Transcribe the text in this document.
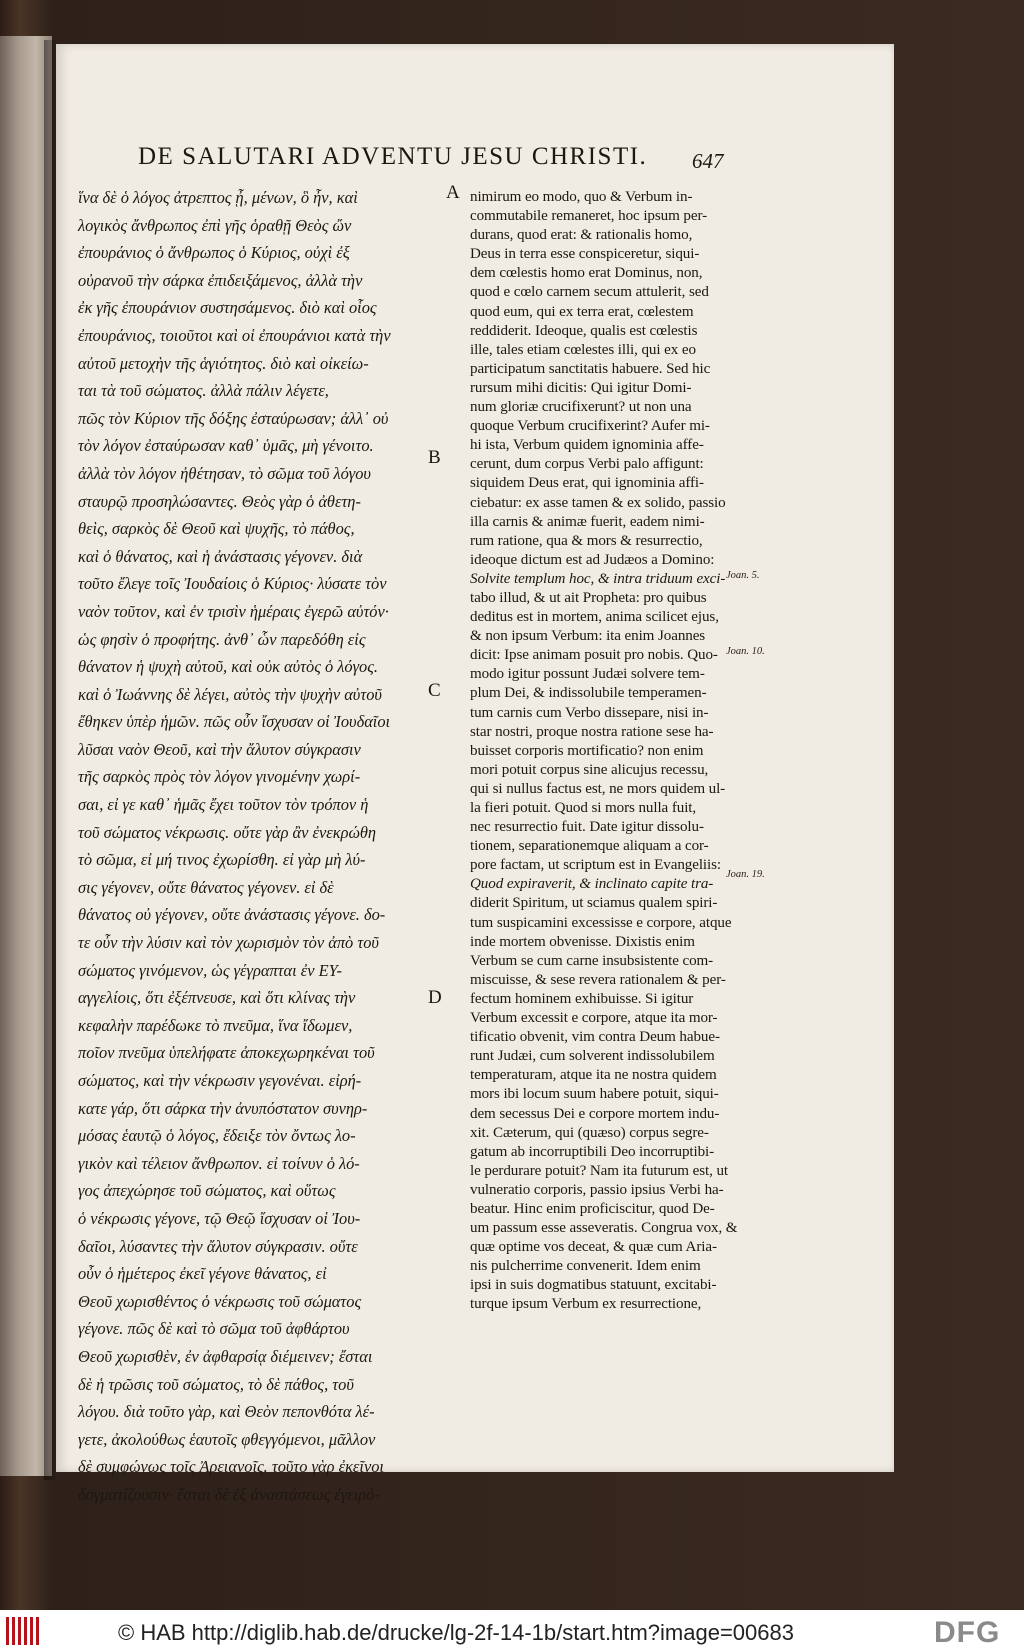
DE SALUTARI ADVENTU JESU CHRISTI.	647
ἵνα δὲ ὁ λόγος ἀτρεπτος ᾖ, μένων, ὃ ἦν, καὶ
λογικὸς ἄνθρωπος ἐπὶ γῆς ὁραθῇ Θεὸς ὤν
ἐπουράνιος ὁ ἄνθρωπος ὁ Κύριος, οὐχὶ ἐξ
οὐρανοῦ τὴν σάρκα ἐπιδειξάμενος, ἀλλὰ τὴν
ἐκ γῆς ἐπουράνιον συστησάμενος. διὸ καὶ οἷος
ἐπουράνιος, τοιοῦτοι καὶ οἱ ἐπουράνιοι κατὰ τὴν
αὐτοῦ μετοχὴν τῆς ἁγιότητος. διὸ καὶ οἰκείω-
ται τὰ τοῦ σώματος. ἀλλὰ πάλιν λέγετε,
πῶς τὸν Κύριον τῆς δόξης ἐσταύρωσαν; ἀλλ᾽ οὐ
τὸν λόγον ἐσταύρωσαν καθ᾽ ὑμᾶς, μὴ γένοιτο.
ἀλλὰ τὸν λόγον ἠθέτησαν, τὸ σῶμα τοῦ λόγου
σταυρῷ προσηλώσαντες. Θεὸς γὰρ ὁ ἀθετη-
θεὶς, σαρκὸς δὲ Θεοῦ καὶ ψυχῆς, τὸ πάθος,
καὶ ὁ θάνατος, καὶ ἡ ἀνάστασις γέγονεν. διὰ
τοῦτο ἔλεγε τοῖς Ἰουδαίοις ὁ Κύριος· λύσατε τὸν
ναὸν τοῦτον, καὶ ἐν τρισὶν ἡμέραις ἐγερῶ αὐτόν·
ὡς φησὶν ὁ προφήτης. ἀνθ᾽ ὧν παρεδόθη εἰς
θάνατον ἡ ψυχὴ αὐτοῦ, καὶ οὐκ αὐτὸς ὁ λόγος.
καὶ ὁ Ἰωάννης δὲ λέγει, αὐτὸς τὴν ψυχὴν αὐτοῦ
ἔθηκεν ὑπὲρ ἡμῶν. πῶς οὖν ἴσχυσαν οἱ Ἰουδαῖοι
λῦσαι ναὸν Θεοῦ, καὶ τὴν ἄλυτον σύγκρασιν
τῆς σαρκὸς πρὸς τὸν λόγον γινομένην χωρί-
σαι, εἰ γε καθ᾽ ἡμᾶς ἔχει τοῦτον τὸν τρόπον ἡ
τοῦ σώματος νέκρωσις. οὔτε γὰρ ἂν ἐνεκρώθη
τὸ σῶμα, εἰ μή τινος ἐχωρίσθη. εἰ γὰρ μὴ λύ-
σις γέγονεν, οὔτε θάνατος γέγονεν. εἰ δὲ
θάνατος οὐ γέγονεν, οὔτε ἀνάστασις γέγονε. δο-
τε οὖν τὴν λύσιν καὶ τὸν χωρισμὸν τὸν ἀπὸ τοῦ
σώματος γινόμενον, ὡς γέγραπται ἐν ΕΥ-
αγγελίοις, ὅτι ἐξέπνευσε, καὶ ὅτι κλίνας τὴν
κεφαλὴν παρέδωκε τὸ πνεῦμα, ἵνα ἴδωμεν,
ποῖον πνεῦμα ὑπελήφατε ἀποκεχωρηκέναι τοῦ
σώματος, καὶ τὴν νέκρωσιν γεγονέναι. εἰρή-
κατε γάρ, ὅτι σάρκα τὴν ἀνυπόστατον συνηρ-
μόσας ἑαυτῷ ὁ λόγος, ἔδειξε τὸν ὄντως λο-
γικὸν καὶ τέλειον ἄνθρωπον. εἰ τοίνυν ὁ λό-
γος ἀπεχώρησε τοῦ σώματος, καὶ οὕτως
ὁ νέκρωσις γέγονε, τῷ Θεῷ ἴσχυσαν οἱ Ἰου-
δαῖοι, λύσαντες τὴν ἄλυτον σύγκρασιν. οὔτε
οὖν ὁ ἡμέτερος ἐκεῖ γέγονε θάνατος, εἰ
Θεοῦ χωρισθέντος ὁ νέκρωσις τοῦ σώματος
γέγονε. πῶς δὲ καὶ τὸ σῶμα τοῦ ἀφθάρτου
Θεοῦ χωρισθὲν, ἐν ἀφθαρσίᾳ διέμεινεν; ἔσται
δὲ ἡ τρῶσις τοῦ σώματος, τὸ δὲ πάθος, τοῦ
λόγου. διὰ τοῦτο γὰρ, καὶ Θεὸν πεπονθότα λέ-
γετε, ἀκολούθως ἑαυτοῖς φθεγγόμενοι, μᾶλλον
δὲ συμφώνως τοῖς Ἀρειανοῖς. τοῦτο γὰρ ἐκεῖνοι
δογματίζουσιν· ἔσται δὲ ἐξ ἀναστάσεως ἐγειρό-
nimirum eo modo, quo & Verbum in-
commutabile remaneret, hoc ipsum per-
durans, quod erat: & rationalis homo,
Deus in terra esse conspiceretur, siqui-
dem cœlestis homo erat Dominus, non,
quod e cœlo carnem secum attulerit, sed
quod eum, qui ex terra erat, cœlestem
reddiderit. Ideoque, qualis est cœlestis
ille, tales etiam cœlestes illi, qui ex eo
participatum sanctitatis habuere. Sed hic
rursum mihi dicitis: Qui igitur Domi-
num gloriæ crucifixerunt? ut non una
quoque Verbum crucifixerint? Aufer mi-
hi ista, Verbum quidem ignominia affe-
cerunt, dum corpus Verbi palo affigunt:
siquidem Deus erat, qui ignominia affi-
ciebatur: ex asse tamen & ex solido, passio
illa carnis & animæ fuerit, eadem nimi-
rum ratione, qua & mors & resurrectio,
ideoque dictum est ad Judæos a Domino:
Solvite templum hoc, & intra triduum exci-
tabo illud, & ut ait Propheta: pro quibus
deditus est in mortem, anima scilicet ejus,
& non ipsum Verbum: ita enim Joannes
dicit: Ipse animam posuit pro nobis. Quo-
modo igitur possunt Judæi solvere tem-
plum Dei, & indissolubile temperamen-
tum carnis cum Verbo dissepare, nisi in-
star nostri, proque nostra ratione sese ha-
buisset corporis mortificatio? non enim
mori potuit corpus sine alicujus recessu,
qui si nullus factus est, ne mors quidem ul-
la fieri potuit. Quod si mors nulla fuit,
nec resurrectio fuit. Date igitur dissolu-
tionem, separationemque aliquam a cor-
pore factam, ut scriptum est in Evangeliis:
Quod expiraverit, & inclinato capite tra-
diderit Spiritum, ut sciamus qualem spiri-
tum suspicamini excessisse e corpore, atque
inde mortem obvenisse. Dixistis enim
Verbum se cum carne insubsistente com-
miscuisse, & sese revera rationalem & per-
fectum hominem exhibuisse. Si igitur
Verbum excessit e corpore, atque ita mor-
tificatio obvenit, vim contra Deum habue-
runt Judæi, cum solverent indissolubilem
temperaturam, atque ita ne nostra quidem
mors ibi locum suum habere potuit, siqui-
dem secessus Dei e corpore mortem indu-
xit. Cæterum, qui (quæso) corpus segre-
gatum ab incorruptibili Deo incorruptibi-
le perdurare potuit? Nam ita futurum est, ut
vulneratio corporis, passio ipsius Verbi ha-
beatur. Hinc enim proficiscitur, quod De-
um passum esse asseveratis. Congrua vox, &
quæ optime vos deceat, & quæ cum Aria-
nis pulcherrime convenerit. Idem enim
ipsi in suis dogmatibus statuunt, excitabi-
turque ipsum Verbum ex resurrectione,
A
B
C
D
Joan. 5.
Joan. 10.
Joan. 19.
© HAB http://diglib.hab.de/drucke/lg-2f-14-1b/start.htm?image=00683	DFG
